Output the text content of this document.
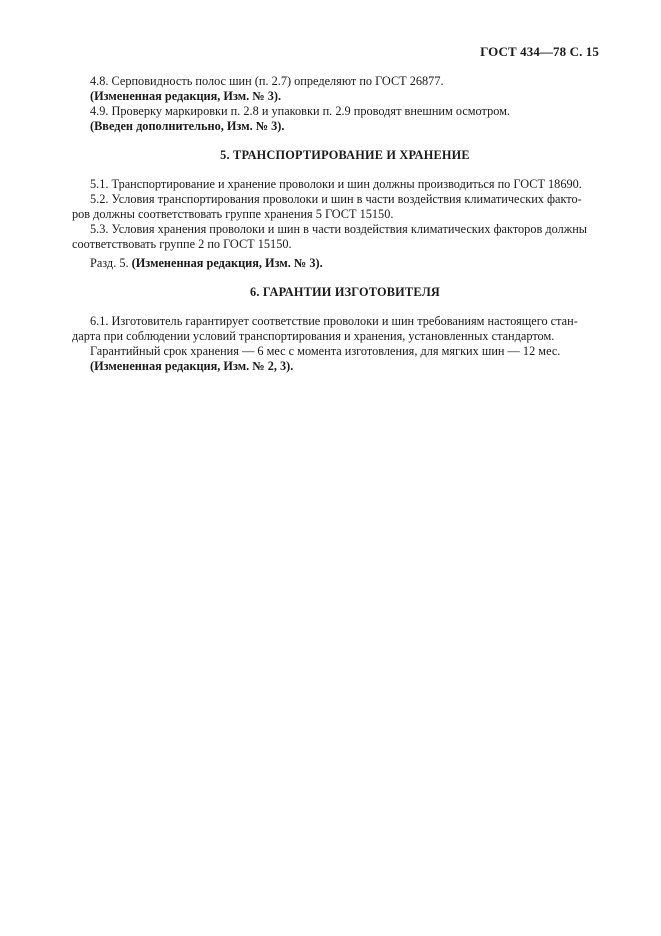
ГОСТ 434—78 С. 15

4.8. Серповидность полос шин (п. 2.7) определяют по ГОСТ 26877.

(Измененная редакция, Изм. № 3).

4.9. Проверку маркировки п. 2.8 и упаковки п. 2.9 проводят внешним осмотром.

(Введен дополнительно, Изм. № 3).

5. ТРАНСПОРТИРОВАНИЕ И ХРАНЕНИЕ

5.1. Транспортирование и хранение проволоки и шин должны производиться по ГОСТ 18690.

5.2. Условия транспортирования проволоки и шин в части воздействия климатических факто-

ров должны соответствовать группе хранения 5 ГОСТ 15150.

5.3. Условия хранения проволоки и шин в части воздействия климатических факторов должны

соответствовать группе 2 по ГОСТ 15150.

Разд. 5. (Измененная редакция, Изм. № 3).

6. ГАРАНТИИ ИЗГОТОВИТЕЛЯ

6.1. Изготовитель гарантирует соответствие проволоки и шин требованиям настоящего стан-

дарта при соблюдении условий транспортирования и хранения, установленных стандартом.

Гарантийный срок хранения — 6 мес с момента изготовления, для мягких шин — 12 мес.

(Измененная редакция, Изм. № 2, 3).
